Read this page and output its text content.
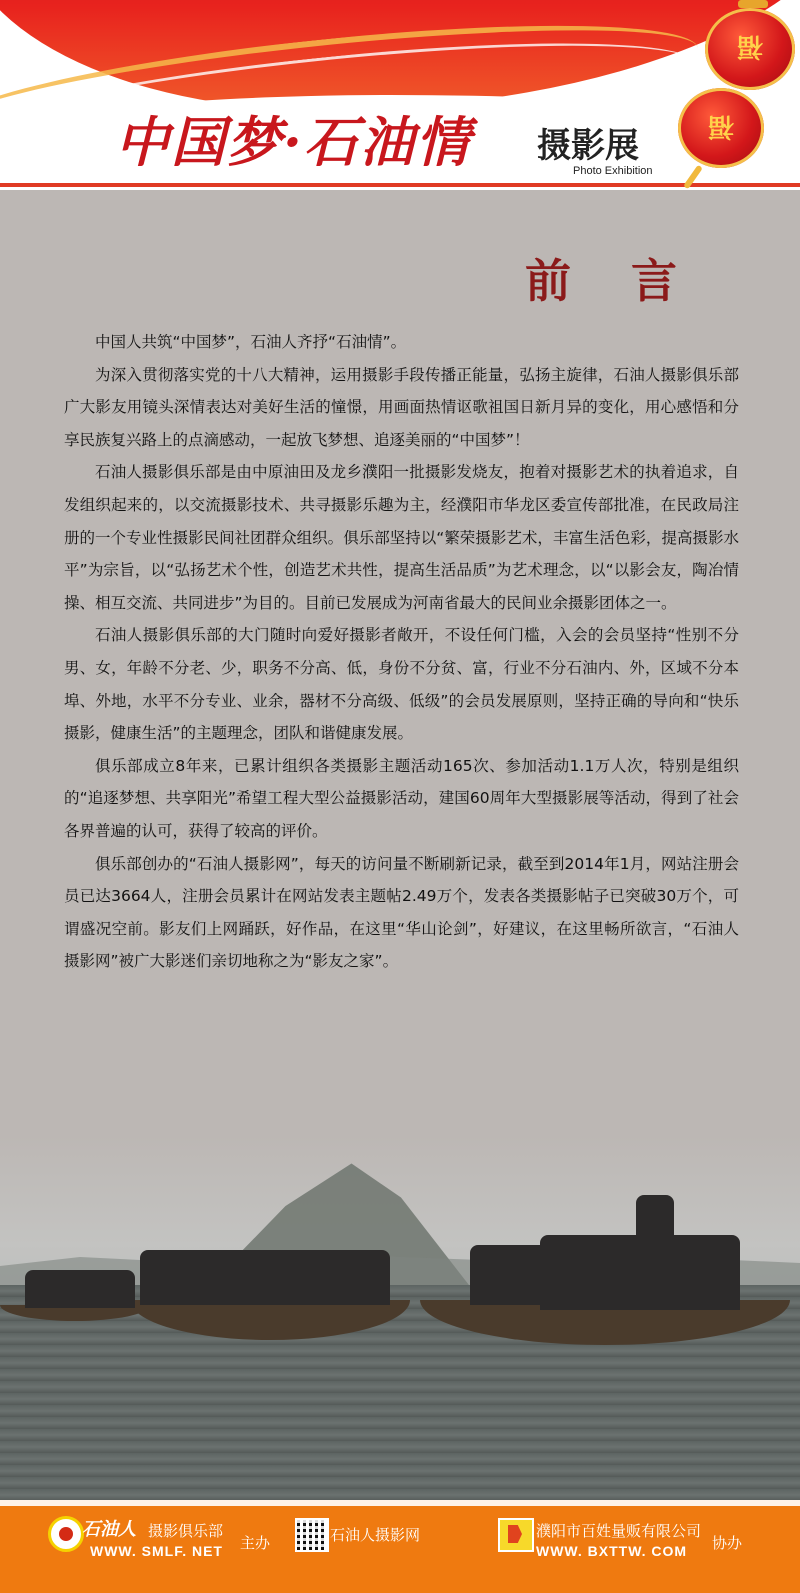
中国梦·石油情 摄影展
Photo Exhibition
福
福
前言

中国人共筑“中国梦”，石油人齐抒“石油情”。

为深入贯彻落实党的十八大精神，运用摄影手段传播正能量，弘扬主旋律，石油人摄影俱乐部广大影友用镜头深情表达对美好生活的憧憬，用画面热情讴歌祖国日新月异的变化，用心感悟和分享民族复兴路上的点滴感动，一起放飞梦想、追逐美丽的“中国梦”！

石油人摄影俱乐部是由中原油田及龙乡濮阳一批摄影发烧友，抱着对摄影艺术的执着追求，自发组织起来的，以交流摄影技术、共寻摄影乐趣为主，经濮阳市华龙区委宣传部批准，在民政局注册的一个专业性摄影民间社团群众组织。俱乐部坚持以“繁荣摄影艺术，丰富生活色彩，提高摄影水平”为宗旨，以“弘扬艺术个性，创造艺术共性，提高生活品质”为艺术理念，以“以影会友，陶冶情操、相互交流、共同进步”为目的。目前已发展成为河南省最大的民间业余摄影团体之一。

石油人摄影俱乐部的大门随时向爱好摄影者敞开，不设任何门槛，入会的会员坚持“性别不分男、女，年龄不分老、少，职务不分高、低，身份不分贫、富，行业不分石油内、外，区域不分本埠、外地，水平不分专业、业余，器材不分高级、低级”的会员发展原则，坚持正确的导向和“快乐摄影，健康生活”的主题理念，团队和谐健康发展。

俱乐部成立8年来，已累计组织各类摄影主题活动165次、参加活动1.1万人次，特别是组织的“追逐梦想、共享阳光”希望工程大型公益摄影活动，建国60周年大型摄影展等活动，得到了社会各界普遍的认可，获得了较高的评价。

俱乐部创办的“石油人摄影网”，每天的访问量不断刷新记录，截至到2014年1月，网站注册会员已达3664人，注册会员累计在网站发表主题帖2.49万个，发表各类摄影帖子已突破30万个，可谓盛况空前。影友们上网踊跃，好作品，在这里“华山论剑”，好建议，在这里畅所欲言，“石油人摄影网”被广大影迷们亲切地称之为“影友之家”。

石油人 摄影俱乐部
WWW. SMLF. NET 主办	石油人摄影网	濮阳市百姓量贩有限公司
WWW. BXTTW. COM 协办
